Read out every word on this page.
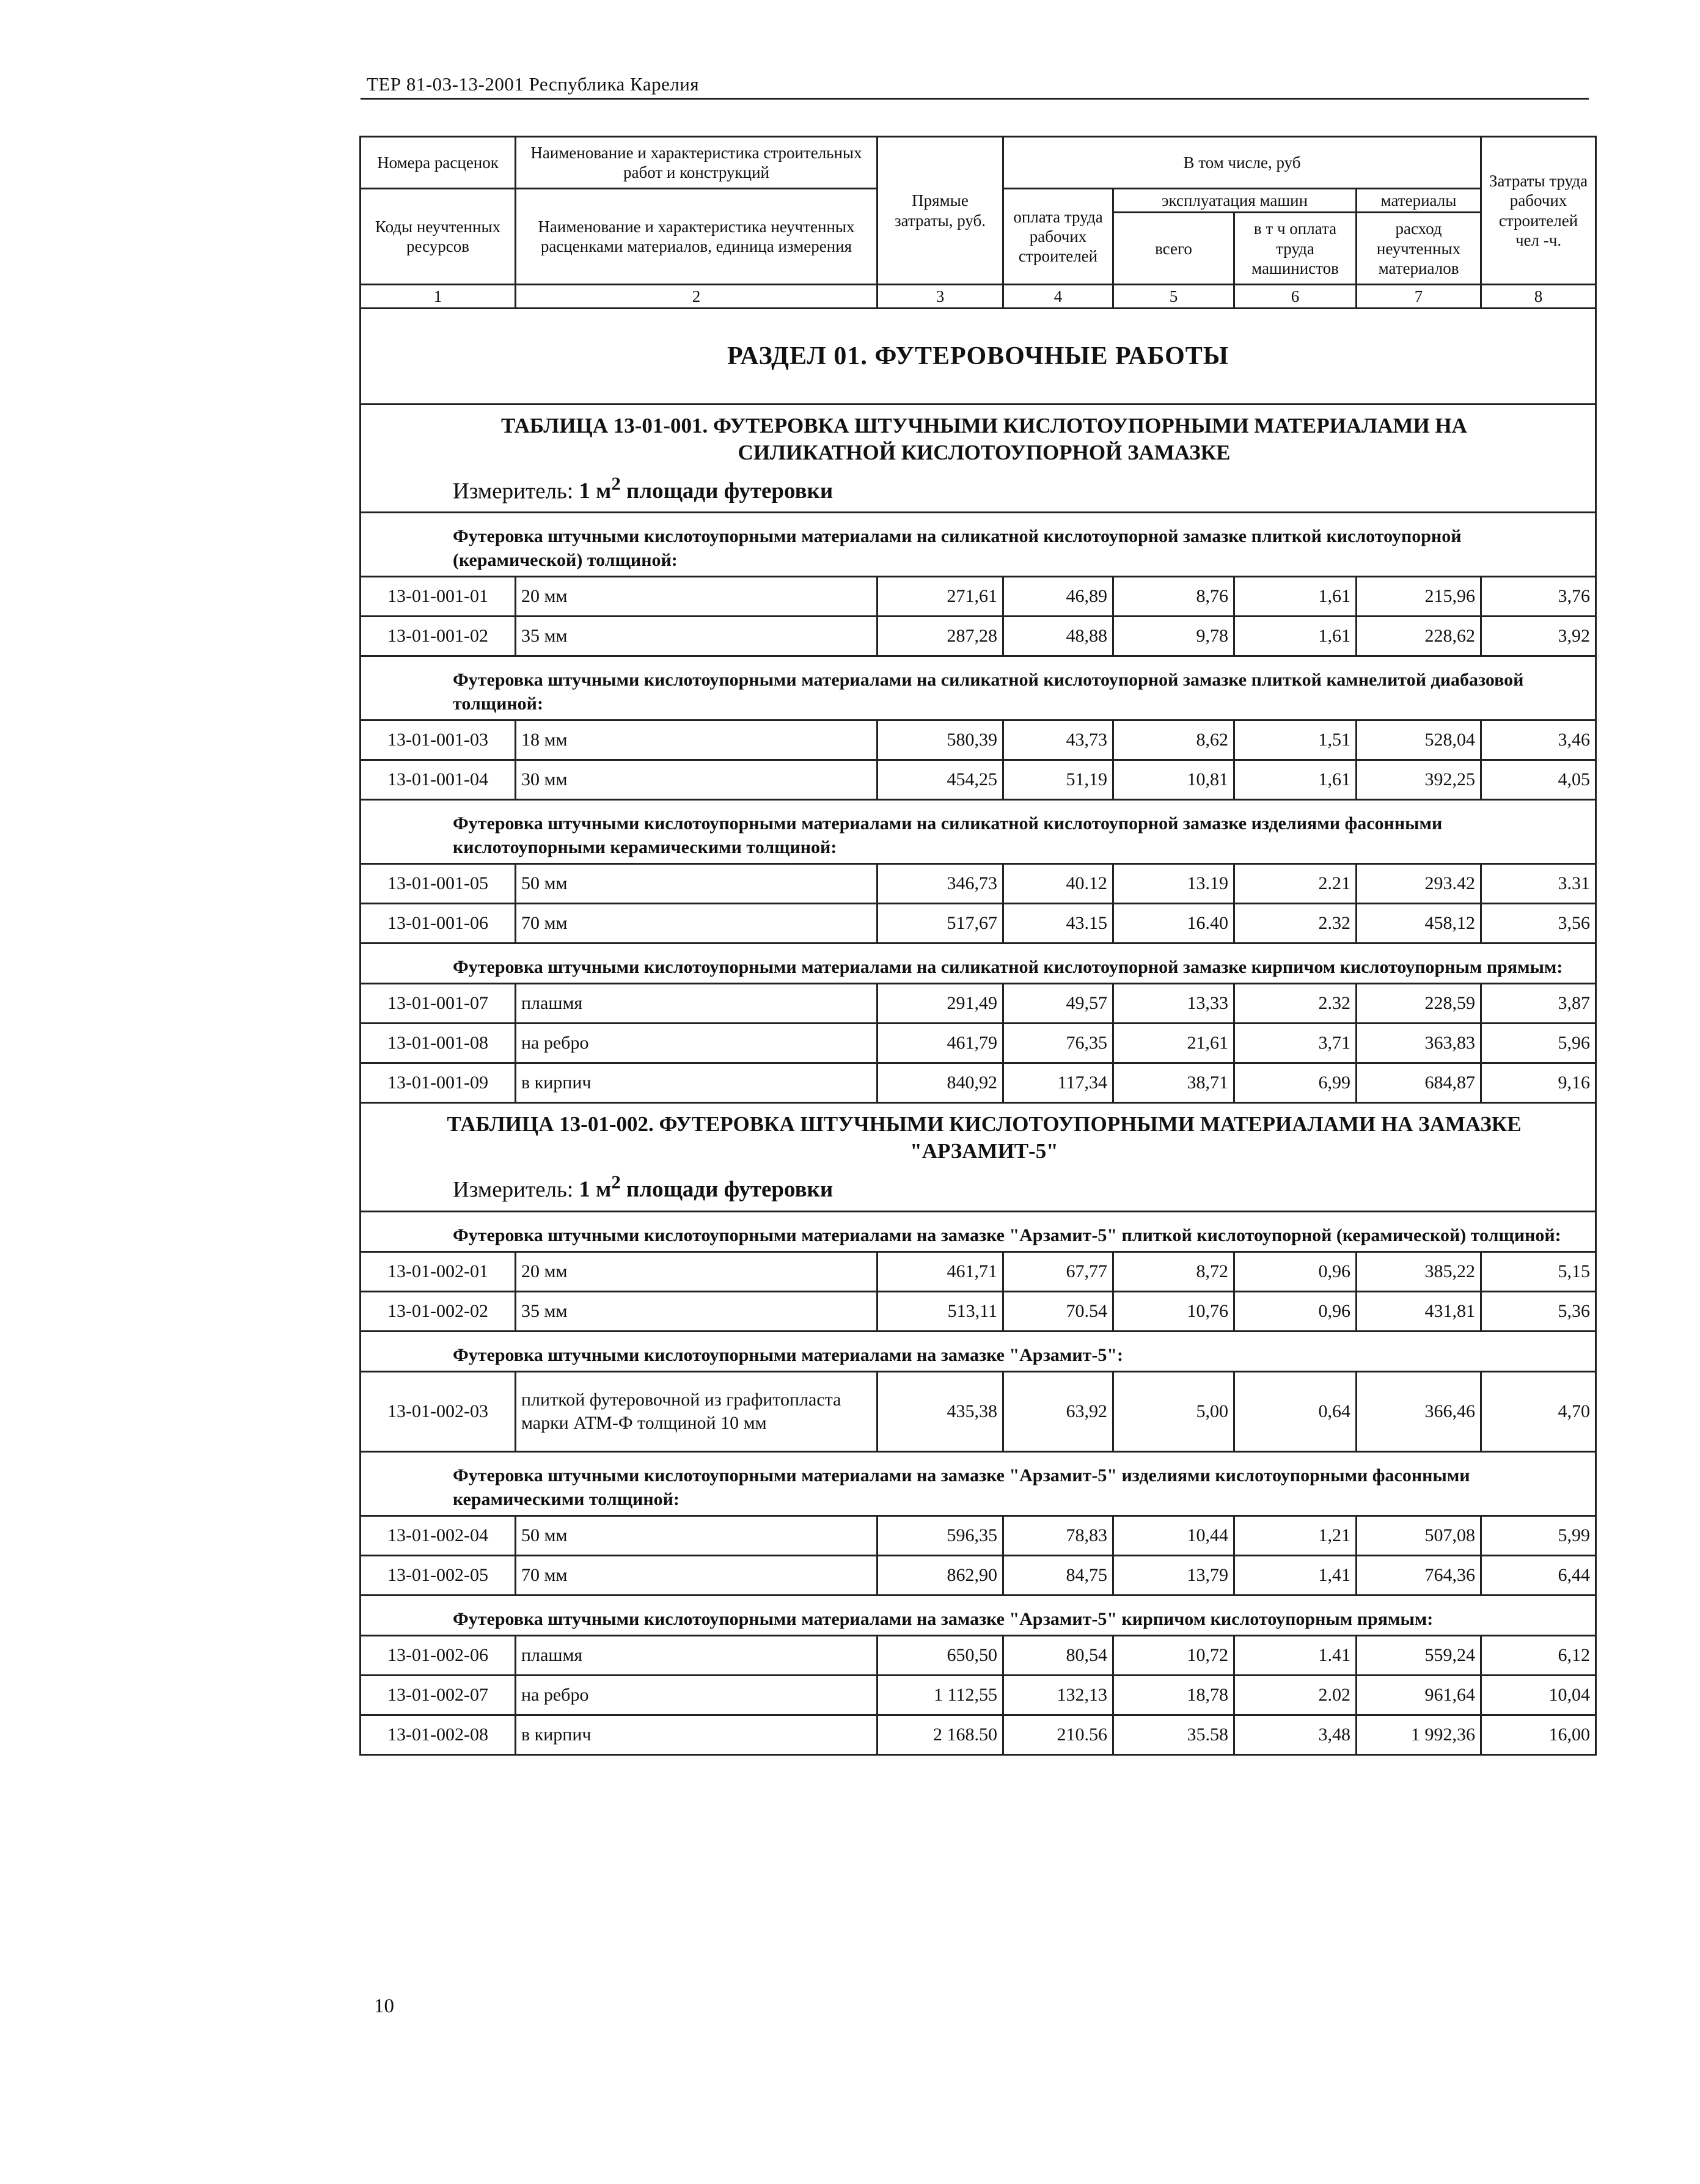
ТЕР 81-03-13-2001 Республика Карелия
Номера расценок	Наименование и характеристика строительных работ и конструкций	Прямые затраты, руб.	В том числе, руб				Затраты труда рабочих строителей чел -ч.
Коды неучтенных ресурсов	Наименование и характеристика неучтенных расценками материалов, единица измерения		оплата труда рабочих строителей	эксплуатация машин		материалы	
				всего	в т ч оплата труда машинистов	расход неучтенных материалов	
1	2	3	4	5	6	7	8
РАЗДЕЛ 01. ФУТЕРОВОЧНЫЕ РАБОТЫ							

ТАБЛИЦА 13-01-001. ФУТЕРОВКА ШТУЧНЫМИ КИСЛОТОУПОРНЫМИ МАТЕРИАЛАМИ НА
СИЛИКАТНОЙ КИСЛОТОУПОРНОЙ ЗАМАЗКЕ
Измеритель: 1 $м^2$ площади футеровки							

Футеровка штучными кислотоупорными материалами на силикатной кислотоупорной замазке плиткой кислотоупорной (керамической) толщиной:							
13-01-001-01	20 мм	271,61	46,89	8,76	1,61	215,96	3,76
13-01-001-02	35 мм	287,28	48,88	9,78	1,61	228,62	3,92
Футеровка штучными кислотоупорными материалами на силикатной кислотоупорной замазке плиткой камнелитой диабазовой толщиной:							
13-01-001-03	18 мм	580,39	43,73	8,62	1,51	528,04	3,46
13-01-001-04	30 мм	454,25	51,19	10,81	1,61	392,25	4,05
Футеровка штучными кислотоупорными материалами на силикатной кислотоупорной замазке изделиями фасонными кислотоупорными керамическими толщиной:							
13-01-001-05	50 мм	346,73	40.12	13.19	2.21	293.42	3.31
13-01-001-06	70 мм	517,67	43.15	16.40	2.32	458,12	3,56
Футеровка штучными кислотоупорными материалами на силикатной кислотоупорной замазке кирпичом кислотоупорным прямым:							
13-01-001-07	плашмя	291,49	49,57	13,33	2.32	228,59	3,87
13-01-001-08	на ребро	461,79	76,35	21,61	3,71	363,83	5,96
13-01-001-09	в кирпич	840,92	117,34	38,71	6,99	684,87	9,16

ТАБЛИЦА 13-01-002. ФУТЕРОВКА ШТУЧНЫМИ КИСЛОТОУПОРНЫМИ МАТЕРИАЛАМИ НА ЗАМАЗКЕ
"АРЗАМИТ-5"
Измеритель: 1 $м^2$ площади футеровки							

Футеровка штучными кислотоупорными материалами на замазке "Арзамит-5" плиткой кислотоупорной (керамической) толщиной:							
13-01-002-01	20 мм	461,71	67,77	8,72	0,96	385,22	5,15
13-01-002-02	35 мм	513,11	70.54	10,76	0,96	431,81	5,36
Футеровка штучными кислотоупорными материалами на замазке "Арзамит-5":							
13-01-002-03	плиткой футеровочной из графитопласта марки АТМ-Ф толщиной 10 мм	435,38	63,92	5,00	0,64	366,46	4,70
Футеровка штучными кислотоупорными материалами на замазке "Арзамит-5" изделиями кислотоупорными фасонными керамическими толщиной:							
13-01-002-04	50 мм	596,35	78,83	10,44	1,21	507,08	5,99
13-01-002-05	70 мм	862,90	84,75	13,79	1,41	764,36	6,44
Футеровка штучными кислотоупорными материалами на замазке "Арзамит-5" кирпичом кислотоупорным прямым:							
13-01-002-06	плашмя	650,50	80,54	10,72	1.41	559,24	6,12
13-01-002-07	на ребро	1 112,55	132,13	18,78	2.02	961,64	10,04
13-01-002-08	в кирпич	2 168.50	210.56	35.58	3,48	1 992,36	16,00
10
